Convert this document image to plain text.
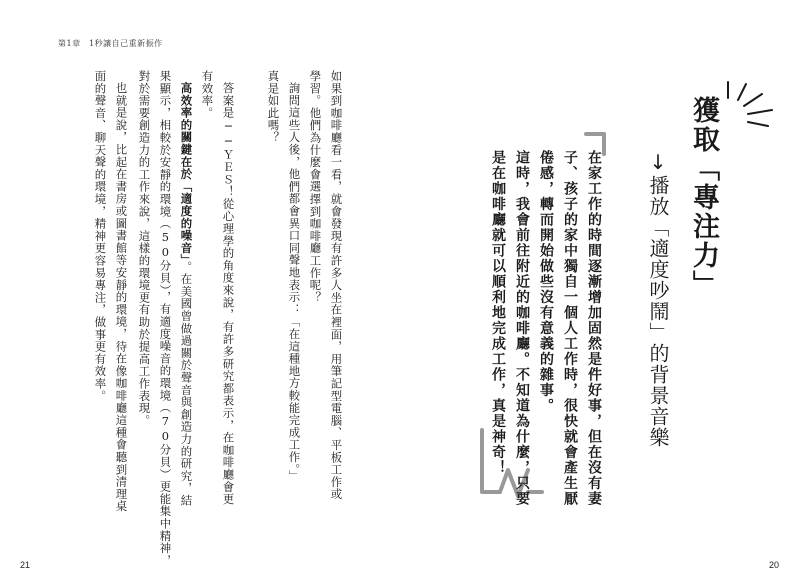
第1章　1秒讓自己重新振作
獲取「專注力」
↓播放「適度吵鬧」的背景音樂
在家工作的時間逐漸增加固然是件好事，但在沒有妻
子、孩子的家中獨自一個人工作時，很快就會產生厭
倦感，轉而開始做些沒有意義的雜事。
這時，我會前往附近的咖啡廳。不知道為什麼，只要
是在咖啡廳就可以順利地完成工作，真是神奇！
如果到咖啡廳看一看，就會發現有許多人坐在裡面，用筆記型電腦、平板工作或
學習。他們為什麼會選擇到咖啡廳工作呢？
詢問這些人後，他們都會異口同聲地表示：「在這種地方較能完成工作。」
真是如此嗎？
答案是──ＹＥＳ！從心理學的角度來說，有許多研究都表示，在咖啡廳會更
有效率。
高效率的關鍵在於「適度的噪音」。在美國曾做過關於聲音與創造力的研究，結
果顯示，相較於安靜的環境（50分貝），有適度噪音的環境（70分貝）更能集中精神，
對於需要創造力的工作來說，這樣的環境更有助於提高工作表現。
也就是說，比起在書房或圖書館等安靜的環境，待在像咖啡廳這種會聽到清理桌
面的聲音、聊天聲的環境，精神更容易專注，做事更有效率。
21	20
